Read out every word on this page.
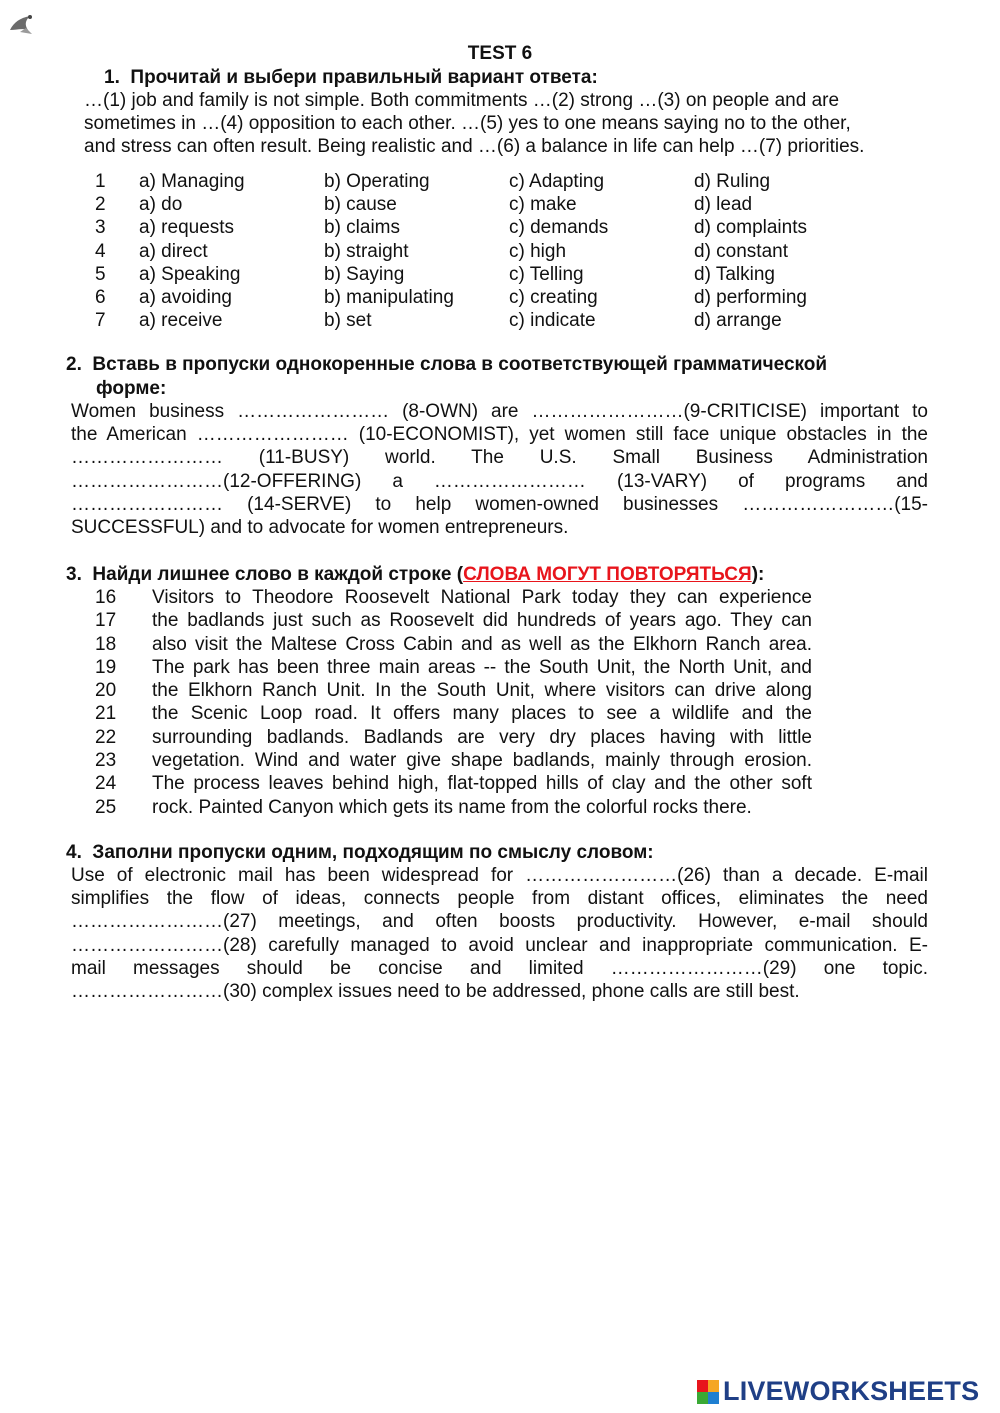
TEST 6
1. Прочитай и выбери правильный вариант ответа:
…(1) job and family is not simple. Both commitments …(2) strong …(3) on people and are
sometimes in …(4) opposition to each other. …(5) yes to one means saying no to the other,
and stress can often result. Being realistic and …(6) a balance in life can help …(7) priorities.
1	a) Managing	b) Operating	c) Adapting	d) Ruling
2	a) do	b) cause	c) make	d) lead
3	a) requests	b) claims	c) demands	d) complaints
4	a) direct	b) straight	c) high	d) constant
5	a) Speaking	b) Saying	c) Telling	d) Talking
6	a) avoiding	b) manipulating	c) creating	d) performing
7	a) receive	b) set	c) indicate	d) arrange
2. Вставь в пропуски однокоренные слова в соответствующей грамматической
форме:
Women business …………………… (8-OWN) are ……………………(9-CRITICISE) important to
the American …………………… (10-ECONOMIST), yet women still face unique obstacles in the
…………………… (11-BUSY) world. The U.S. Small Business Administration
……………………(12-OFFERING) a …………………… (13-VARY) of programs and
…………………… (14-SERVE) to help women-owned businesses ……………………(15-
SUCCESSFUL) and to advocate for women entrepreneurs.
3. Найди лишнее слово в каждой строке (СЛОВА МОГУТ ПОВТОРЯТЬСЯ):
16	Visitors to Theodore Roosevelt National Park today they can experience
17	the badlands just such as Roosevelt did hundreds of years ago. They can
18	also visit the Maltese Cross Cabin and as well as the Elkhorn Ranch area.
19	The park has been three main areas -- the South Unit, the North Unit, and
20	the Elkhorn Ranch Unit. In the South Unit, where visitors can drive along
21	the Scenic Loop road. It offers many places to see a wildlife and the
22	surrounding badlands. Badlands are very dry places having with little
23	vegetation. Wind and water give shape badlands, mainly through erosion.
24	The process leaves behind high, flat-topped hills of clay and the other soft
25	rock. Painted Canyon which gets its name from the colorful rocks there.
4. Заполни пропуски одним, подходящим по смыслу словом:
Use of electronic mail has been widespread for ……………………(26) than a decade. E-mail
simplifies the flow of ideas, connects people from distant offices, eliminates the need
……………………(27) meetings, and often boosts productivity. However, e-mail should
……………………(28) carefully managed to avoid unclear and inappropriate communication. E-
mail messages should be concise and limited ……………………(29) one topic.
……………………(30) complex issues need to be addressed, phone calls are still best.
LIVEWORKSHEETS
